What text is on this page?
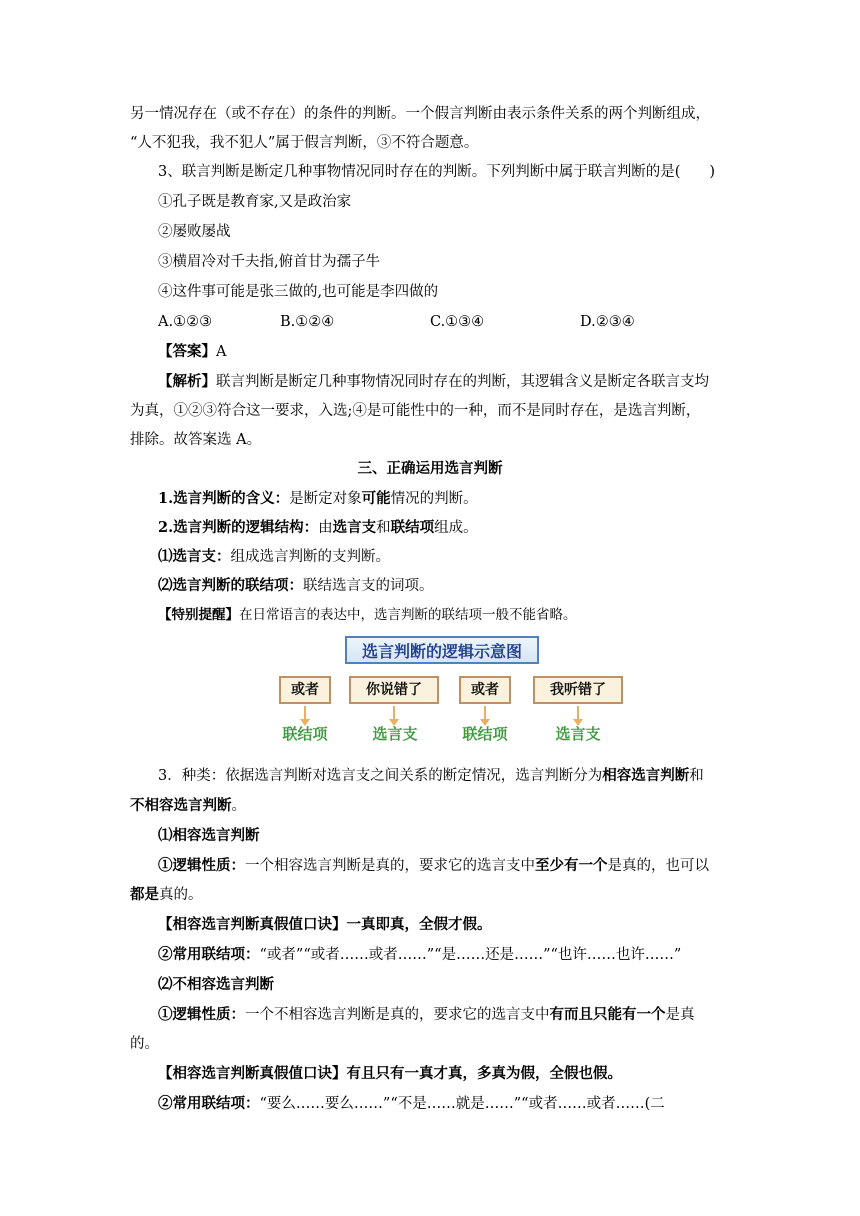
另一情况存在（或不存在）的条件的判断。一个假言判断由表示条件关系的两个判断组成，
“人不犯我，我不犯人”属于假言判断，③不符合题意。
3、联言判断是断定几种事物情况同时存在的判断。下列判断中属于联言判断的是(　　)
①孔子既是教育家,又是政治家
②屡败屡战
③横眉冷对千夫指,俯首甘为孺子牛
④这件事可能是张三做的,也可能是李四做的
A.①②③	B.①②④	C.①③④	D.②③④
【答案】A
【解析】联言判断是断定几种事物情况同时存在的判断，其逻辑含义是断定各联言支均
为真，①②③符合这一要求，入选;④是可能性中的一种，而不是同时存在，是选言判断，
排除。故答案选 A。
三、正确运用选言判断
1.选言判断的含义：是断定对象可能情况的判断。
2.选言判断的逻辑结构：由选言支和联结项组成。
⑴选言支：组成选言判断的支判断。
⑵选言判断的联结项：联结选言支的词项。
【特别提醒】在日常语言的表达中，选言判断的联结项一般不能省略。
选言判断的逻辑示意图
或者	你说错了	或者	我听错了
联结项	选言支	联结项	选言支
3．种类：依据选言判断对选言支之间关系的断定情况，选言判断分为相容选言判断和
不相容选言判断。
⑴相容选言判断
①逻辑性质：一个相容选言判断是真的，要求它的选言支中至少有一个是真的，也可以
都是真的。
【相容选言判断真假值口诀】一真即真，全假才假。
②常用联结项：“或者”“或者……或者……”“是……还是……”“也许……也许……”
⑵不相容选言判断
①逻辑性质：一个不相容选言判断是真的，要求它的选言支中有而且只能有一个是真
的。
【相容选言判断真假值口诀】有且只有一真才真，多真为假，全假也假。
②常用联结项：“要么……要么……”“不是……就是……”“或者……或者……(二
